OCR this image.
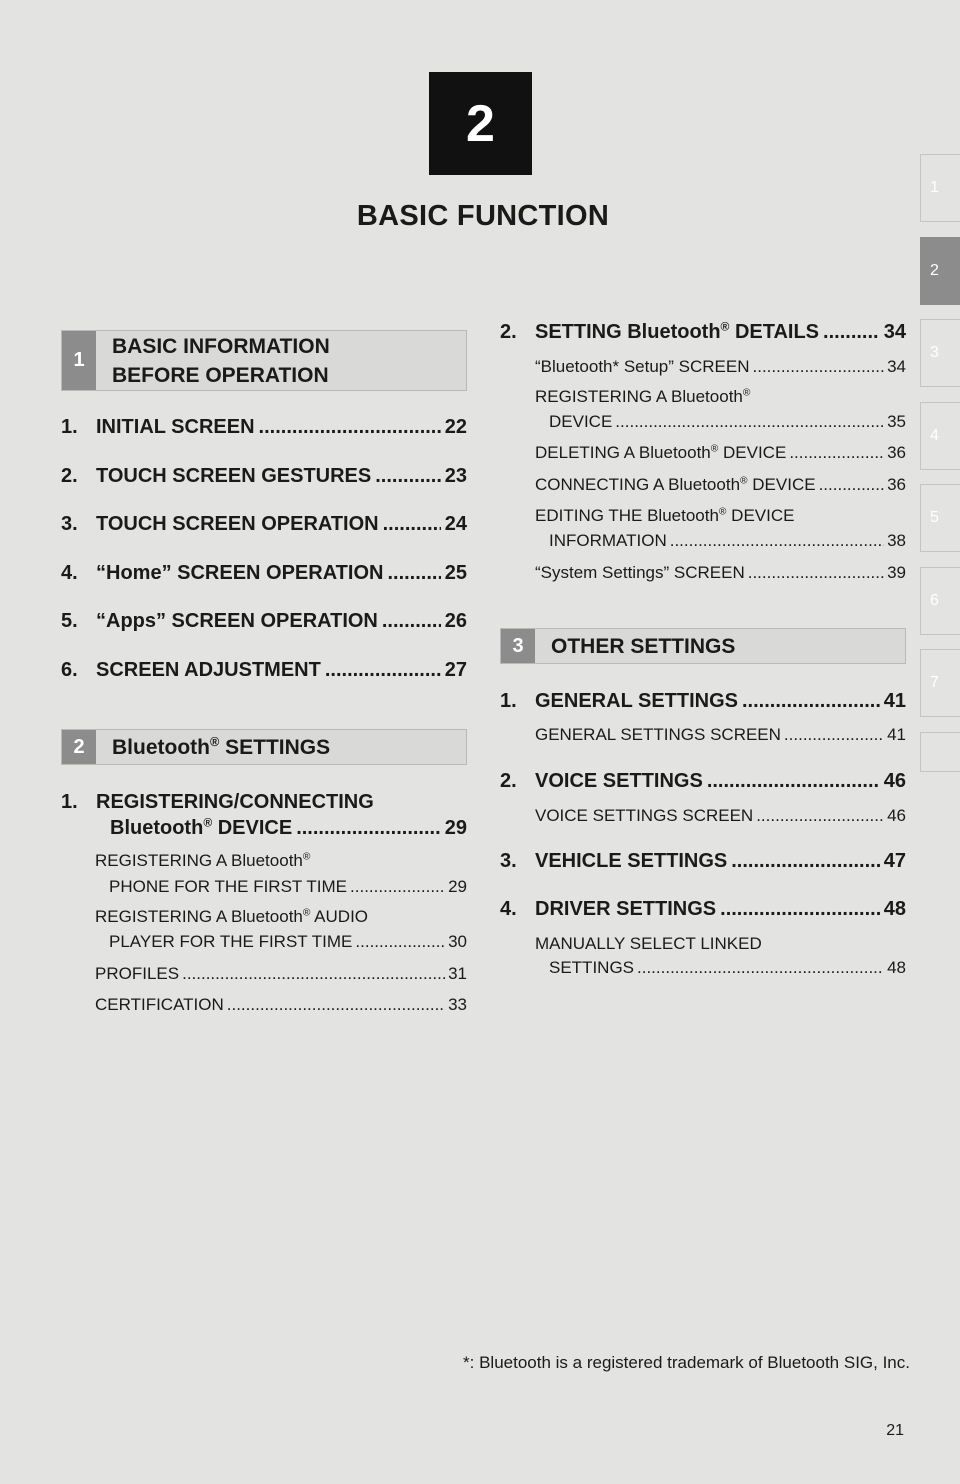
2
BASIC FUNCTION
1
2
3
4
5
6
7
1
BASIC INFORMATION
BEFORE OPERATION
1. INITIAL SCREEN .....	22
2. TOUCH SCREEN GESTURES .....	23
3. TOUCH SCREEN OPERATION .....	24
4. “Home” SCREEN OPERATION .....	25
5. “Apps” SCREEN OPERATION .....	26
6. SCREEN ADJUSTMENT .....	27
2	Bluetooth® SETTINGS
1. REGISTERING/CONNECTING
Bluetooth® DEVICE .....	29
REGISTERING A Bluetooth®
PHONE FOR THE FIRST TIME .....	29
REGISTERING A Bluetooth® AUDIO
PLAYER FOR THE FIRST TIME .....	30
PROFILES .....	31
CERTIFICATION .....	33
2. SETTING Bluetooth® DETAILS .....	34
“Bluetooth* Setup” SCREEN .....	34
REGISTERING A Bluetooth®
DEVICE .....	35
DELETING A Bluetooth® DEVICE .....	36
CONNECTING A Bluetooth® DEVICE .....	36
EDITING THE Bluetooth® DEVICE
INFORMATION .....	38
“System Settings” SCREEN .....	39
3	OTHER SETTINGS
1. GENERAL SETTINGS .....	41
GENERAL SETTINGS SCREEN .....	41
2. VOICE SETTINGS .....	46
VOICE SETTINGS SCREEN .....	46
3. VEHICLE SETTINGS .....	47
4. DRIVER SETTINGS .....	48
MANUALLY SELECT LINKED
SETTINGS .....	48
*: Bluetooth is a registered trademark of Bluetooth SIG, Inc.
21
